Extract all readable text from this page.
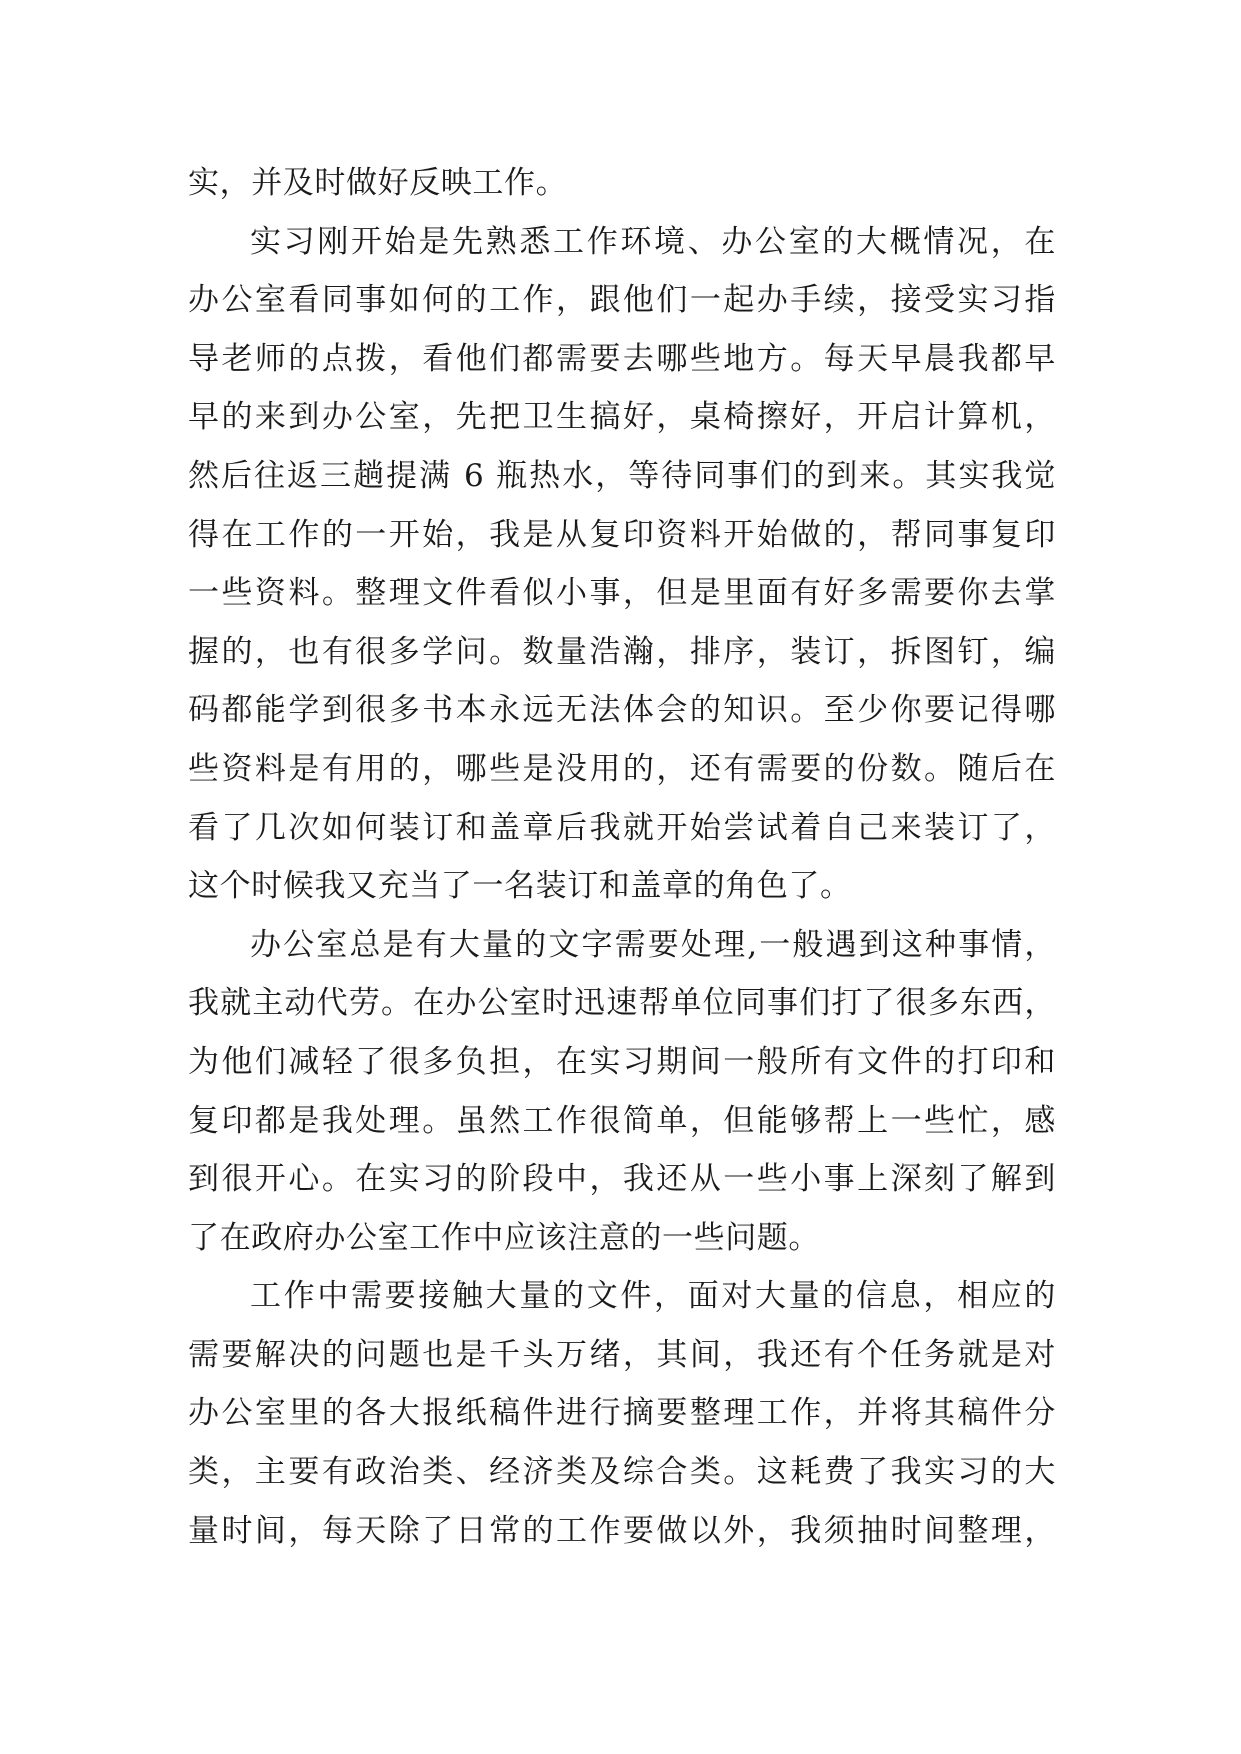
实，并及时做好反映工作。

实习刚开始是先熟悉工作环境、办公室的大概情况，在
办公室看同事如何的工作，跟他们一起办手续，接受实习指
导老师的点拨，看他们都需要去哪些地方。每天早晨我都早
早的来到办公室，先把卫生搞好，桌椅擦好，开启计算机，
然后往返三趟提满 6 瓶热水，等待同事们的到来。其实我觉
得在工作的一开始，我是从复印资料开始做的，帮同事复印
一些资料。整理文件看似小事，但是里面有好多需要你去掌
握的，也有很多学问。数量浩瀚，排序，装订，拆图钉，编
码都能学到很多书本永远无法体会的知识。至少你要记得哪
些资料是有用的，哪些是没用的，还有需要的份数。随后在
看了几次如何装订和盖章后我就开始尝试着自己来装订了，
这个时候我又充当了一名装订和盖章的角色了。

办公室总是有大量的文字需要处理,一般遇到这种事情，
我就主动代劳。在办公室时迅速帮单位同事们打了很多东西，
为他们减轻了很多负担，在实习期间一般所有文件的打印和
复印都是我处理。虽然工作很简单，但能够帮上一些忙，感
到很开心。在实习的阶段中，我还从一些小事上深刻了解到
了在政府办公室工作中应该注意的一些问题。

工作中需要接触大量的文件，面对大量的信息，相应的
需要解决的问题也是千头万绪，其间，我还有个任务就是对
办公室里的各大报纸稿件进行摘要整理工作，并将其稿件分
类，主要有政治类、经济类及综合类。这耗费了我实习的大
量时间，每天除了日常的工作要做以外，我须抽时间整理，
